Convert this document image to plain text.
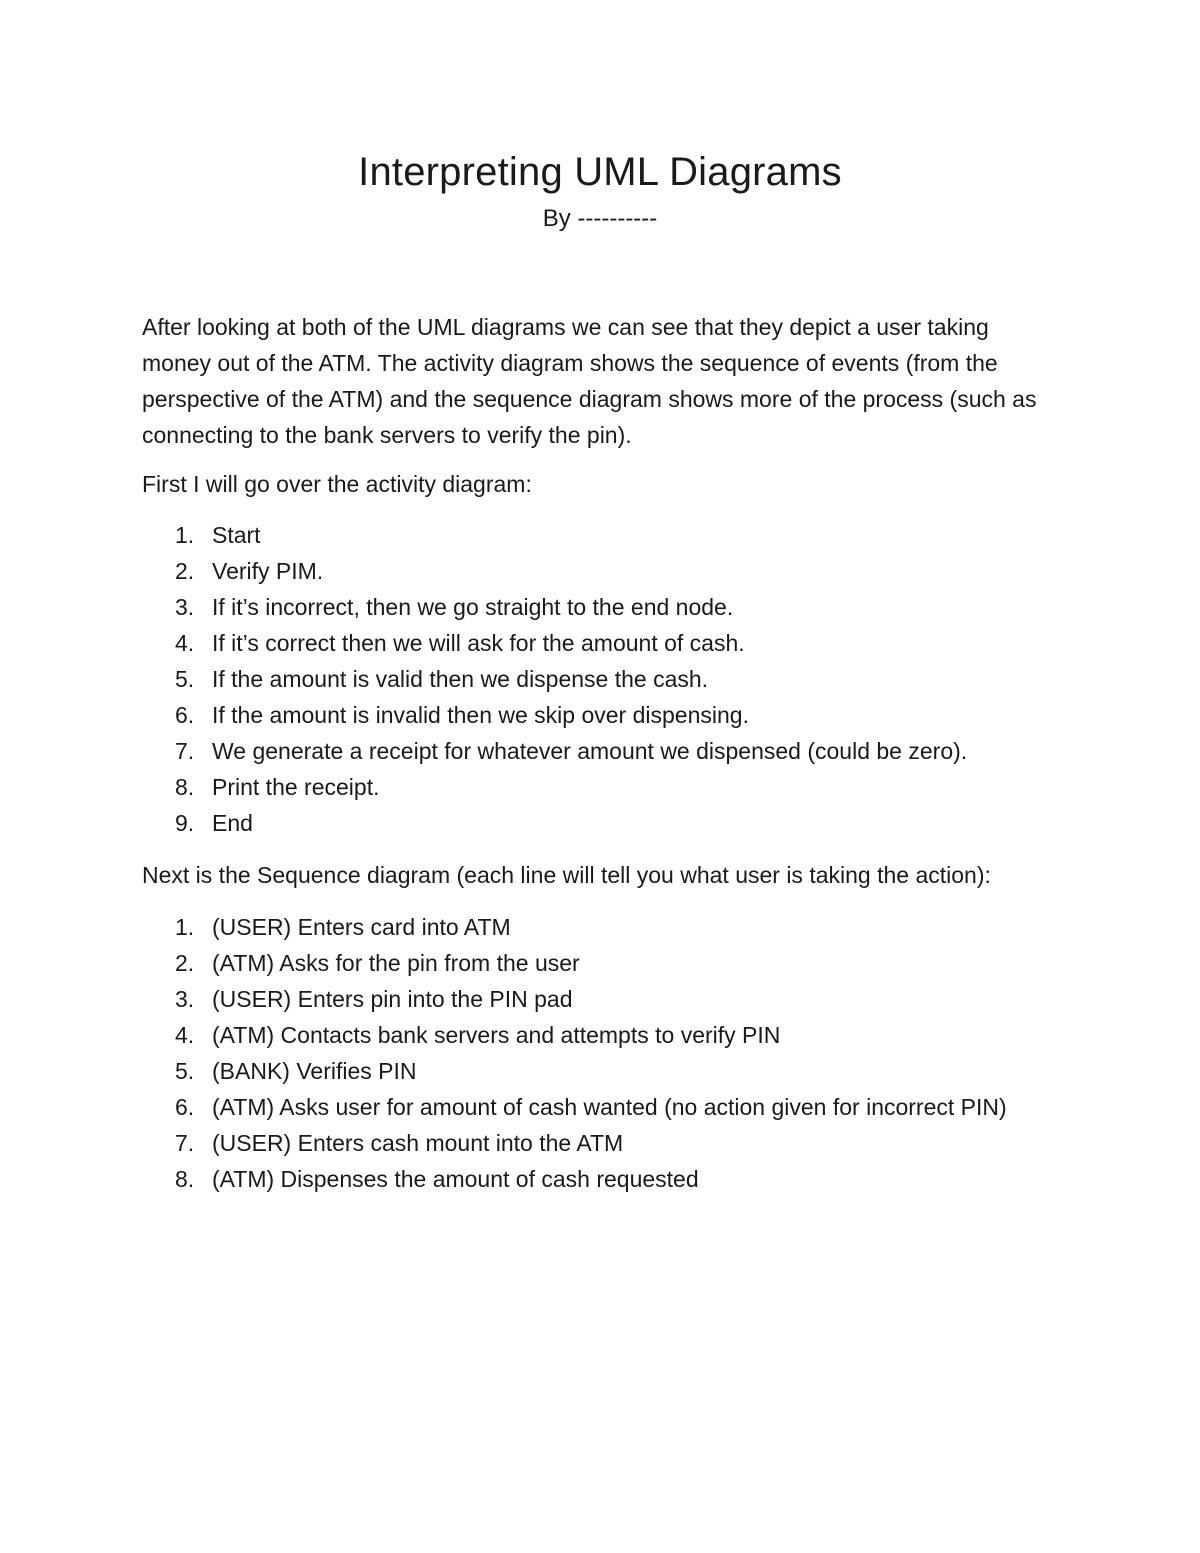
Interpreting UML Diagrams
By ----------

After looking at both of the UML diagrams we can see that they depict a user taking money out of the ATM. The activity diagram shows the sequence of events (from the perspective of the ATM) and the sequence diagram shows more of the process (such as connecting to the bank servers to verify the pin).

First I will go over the activity diagram:

1. Start
2. Verify PIM.
3. If it’s incorrect, then we go straight to the end node.
4. If it’s correct then we will ask for the amount of cash.
5. If the amount is valid then we dispense the cash.
6. If the amount is invalid then we skip over dispensing.
7. We generate a receipt for whatever amount we dispensed (could be zero).
8. Print the receipt.
9. End

Next is the Sequence diagram (each line will tell you what user is taking the action):

1. (USER) Enters card into ATM
2. (ATM) Asks for the pin from the user
3. (USER) Enters pin into the PIN pad
4. (ATM) Contacts bank servers and attempts to verify PIN
5. (BANK) Verifies PIN
6. (ATM) Asks user for amount of cash wanted (no action given for incorrect PIN)
7. (USER) Enters cash mount into the ATM
8. (ATM) Dispenses the amount of cash requested
